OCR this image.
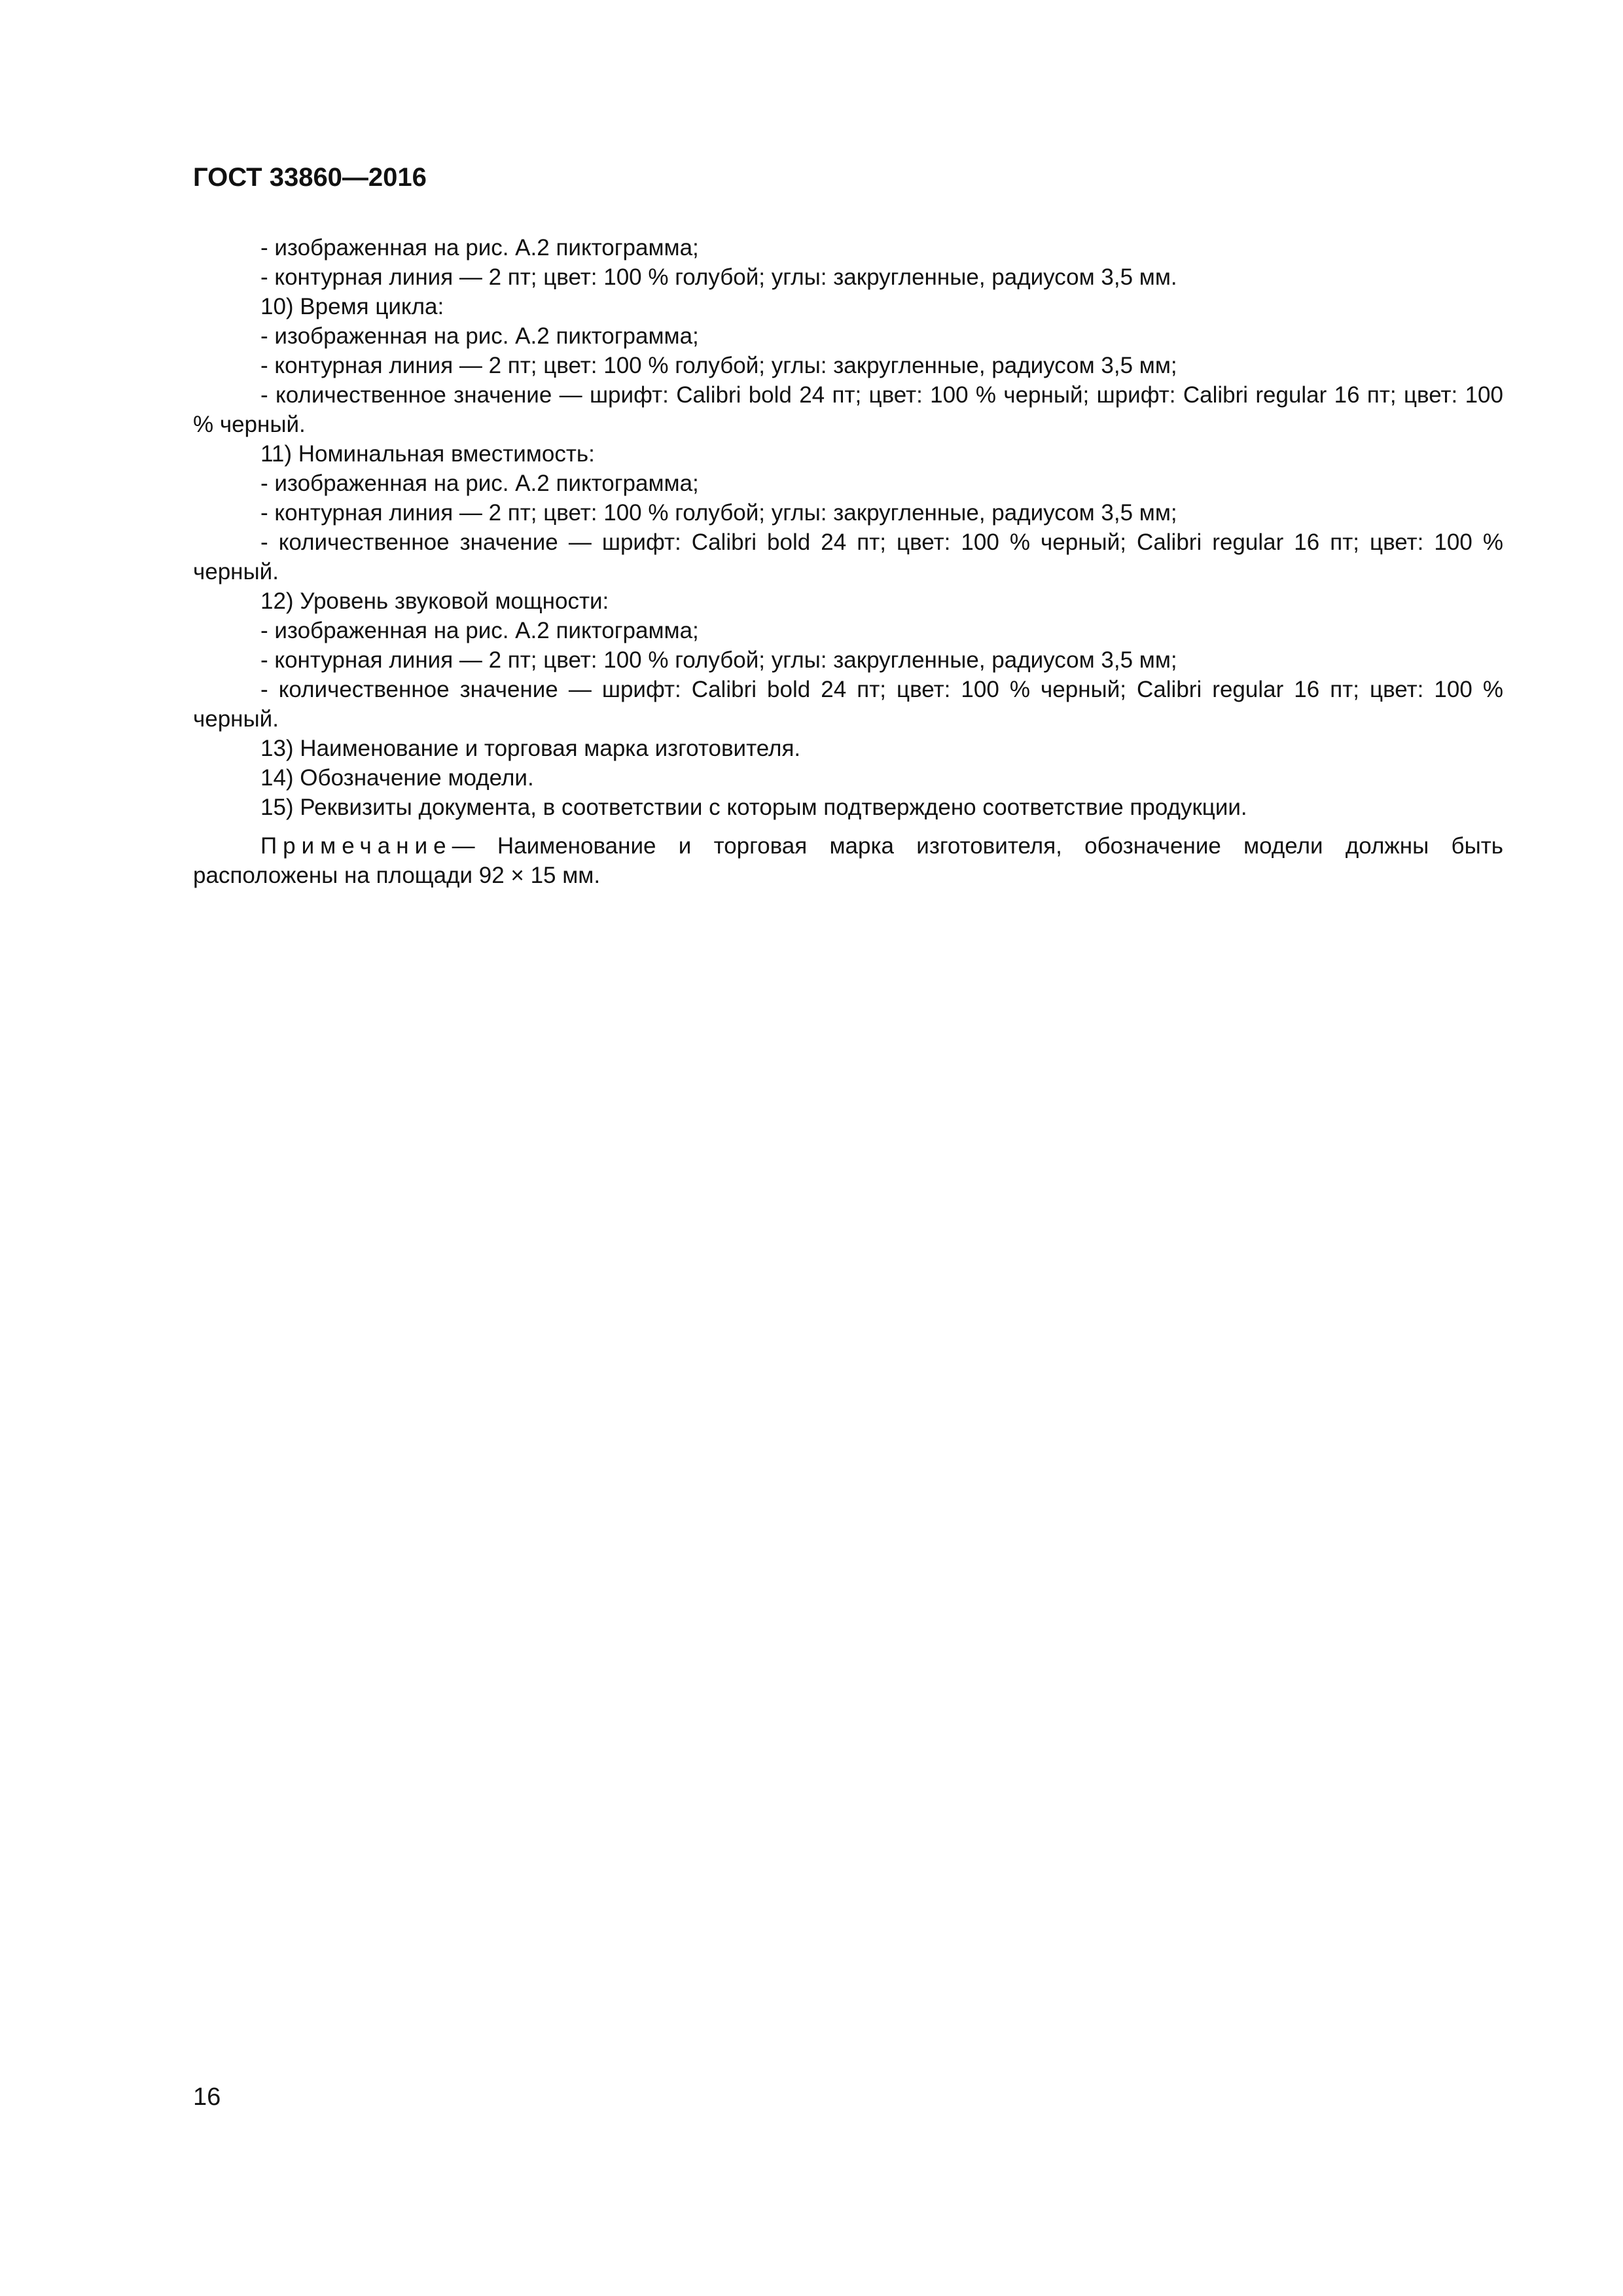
ГОСТ 33860—2016

- изображенная на рис. А.2 пиктограмма;

- контурная линия — 2 пт; цвет: 100 % голубой; углы: закругленные, радиусом 3,5 мм.

10) Время цикла:

- изображенная на рис. А.2 пиктограмма;

- контурная линия — 2 пт; цвет: 100 % голубой; углы: закругленные, радиусом 3,5 мм;

- количественное значение — шрифт: Calibri bold 24 пт; цвет: 100 % черный; шрифт: Calibri regular 16 пт; цвет: 100 % черный.

11) Номинальная вместимость:

- изображенная на рис. А.2 пиктограмма;

- контурная линия — 2 пт; цвет: 100 % голубой; углы: закругленные, радиусом 3,5 мм;

- количественное значение — шрифт: Calibri bold 24 пт; цвет: 100 % черный; Calibri regular 16 пт; цвет: 100 % черный.

12) Уровень звуковой мощности:

- изображенная на рис. А.2 пиктограмма;

- контурная линия — 2 пт; цвет: 100 % голубой; углы: закругленные, радиусом 3,5 мм;

- количественное значение — шрифт: Calibri bold 24 пт; цвет: 100 % черный; Calibri regular 16 пт; цвет: 100 % черный.

13) Наименование и торговая марка изготовителя.

14) Обозначение модели.

15) Реквизиты документа, в соответствии с которым подтверждено соответствие продукции.

Примечание— Наименование и торговая марка изготовителя, обозначение модели должны быть расположены на площади 92 × 15 мм.
16
